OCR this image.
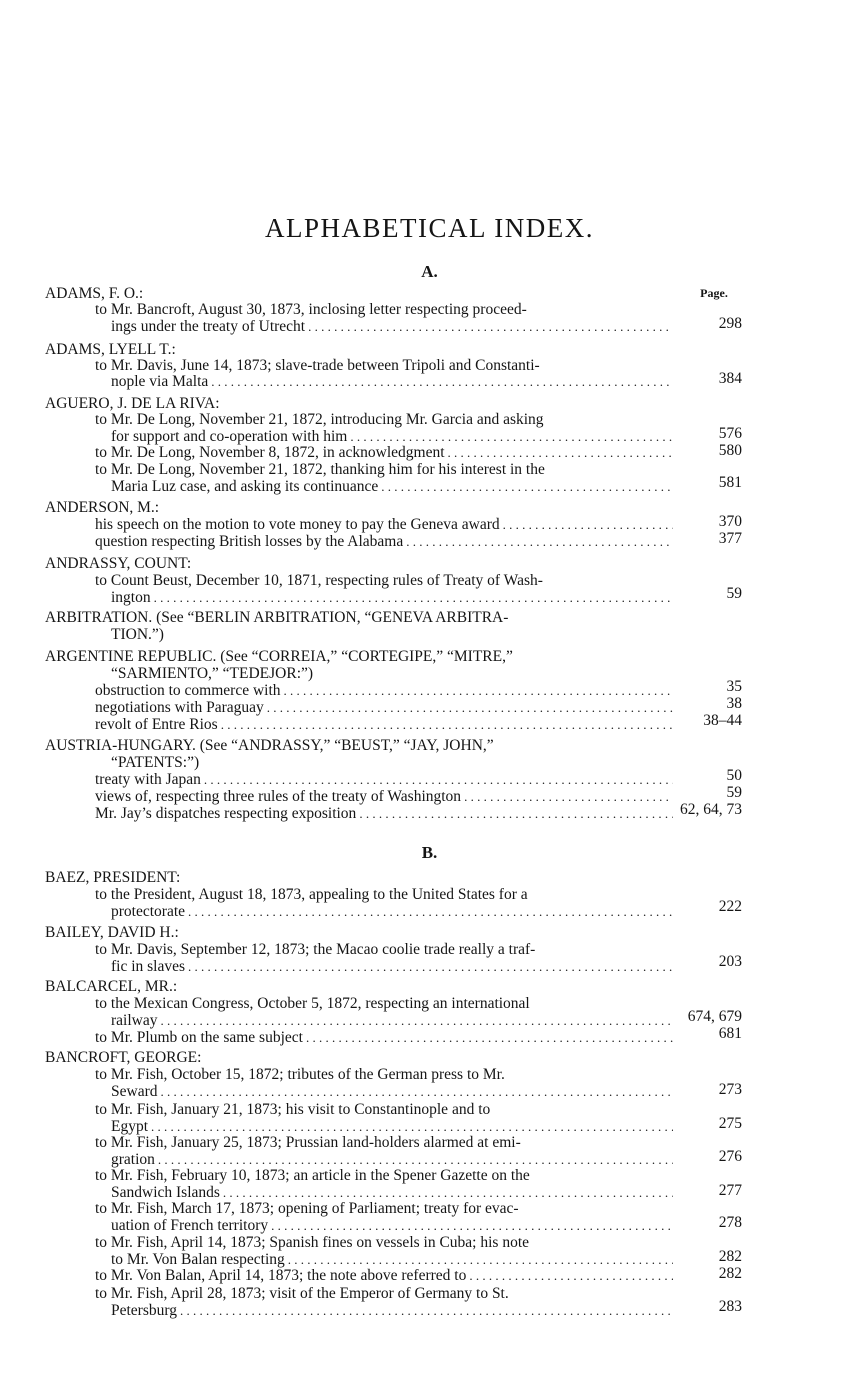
ALPHABETICAL INDEX.
A.
Page.
ADAMS, F. O.:
to Mr. Bancroft, August 30, 1873, inclosing letter respecting proceed-
ings under the treaty of Utrecht . . .	298
ADAMS, LYELL T.:
to Mr. Davis, June 14, 1873; slave-trade between Tripoli and Constanti-
nople via Malta . . .	384
AGUERO, J. DE LA RIVA:
to Mr. De Long, November 21, 1872, introducing Mr. Garcia and asking
for support and co-operation with him . . .	576
to Mr. De Long, November 8, 1872, in acknowledgment . . .	580
to Mr. De Long, November 21, 1872, thanking him for his interest in the
Maria Luz case, and asking its continuance . . .	581
ANDERSON, M.:
his speech on the motion to vote money to pay the Geneva award . . .	370
question respecting British losses by the Alabama . . .	377
ANDRASSY, COUNT:
to Count Beust, December 10, 1871, respecting rules of Treaty of Wash-
ington . . .	59
ARBITRATION. (See “BERLIN ARBITRATION, “GENEVA ARBITRA-
TION.”)
ARGENTINE REPUBLIC. (See “CORREIA,” “CORTEGIPE,” “MITRE,”
“SARMIENTO,” “TEDEJOR:”)
obstruction to commerce with . . .	35
negotiations with Paraguay . . .	38
revolt of Entre Rios . . .	38–44
AUSTRIA-HUNGARY. (See “ANDRASSY,” “BEUST,” “JAY, JOHN,”
“PATENTS:”)
treaty with Japan . . .	50
views of, respecting three rules of the treaty of Washington . . .	59
Mr. Jay’s dispatches respecting exposition . . .	62, 64, 73
B.
BAEZ, PRESIDENT:
to the President, August 18, 1873, appealing to the United States for a
protectorate . . .	222
BAILEY, DAVID H.:
to Mr. Davis, September 12, 1873; the Macao coolie trade really a traf-
fic in slaves . . .	203
BALCARCEL, MR.:
to the Mexican Congress, October 5, 1872, respecting an international
railway . . .	674, 679
to Mr. Plumb on the same subject . . .	681
BANCROFT, GEORGE:
to Mr. Fish, October 15, 1872; tributes of the German press to Mr.
Seward . . .	273
to Mr. Fish, January 21, 1873; his visit to Constantinople and to
Egypt . . .	275
to Mr. Fish, January 25, 1873; Prussian land-holders alarmed at emi-
gration . . .	276
to Mr. Fish, February 10, 1873; an article in the Spener Gazette on the
Sandwich Islands . . .	277
to Mr. Fish, March 17, 1873; opening of Parliament; treaty for evac-
uation of French territory . . .	278
to Mr. Fish, April 14, 1873; Spanish fines on vessels in Cuba; his note
to Mr. Von Balan respecting . . .	282
to Mr. Von Balan, April 14, 1873; the note above referred to . . .	282
to Mr. Fish, April 28, 1873; visit of the Emperor of Germany to St.
Petersburg . . .	283
